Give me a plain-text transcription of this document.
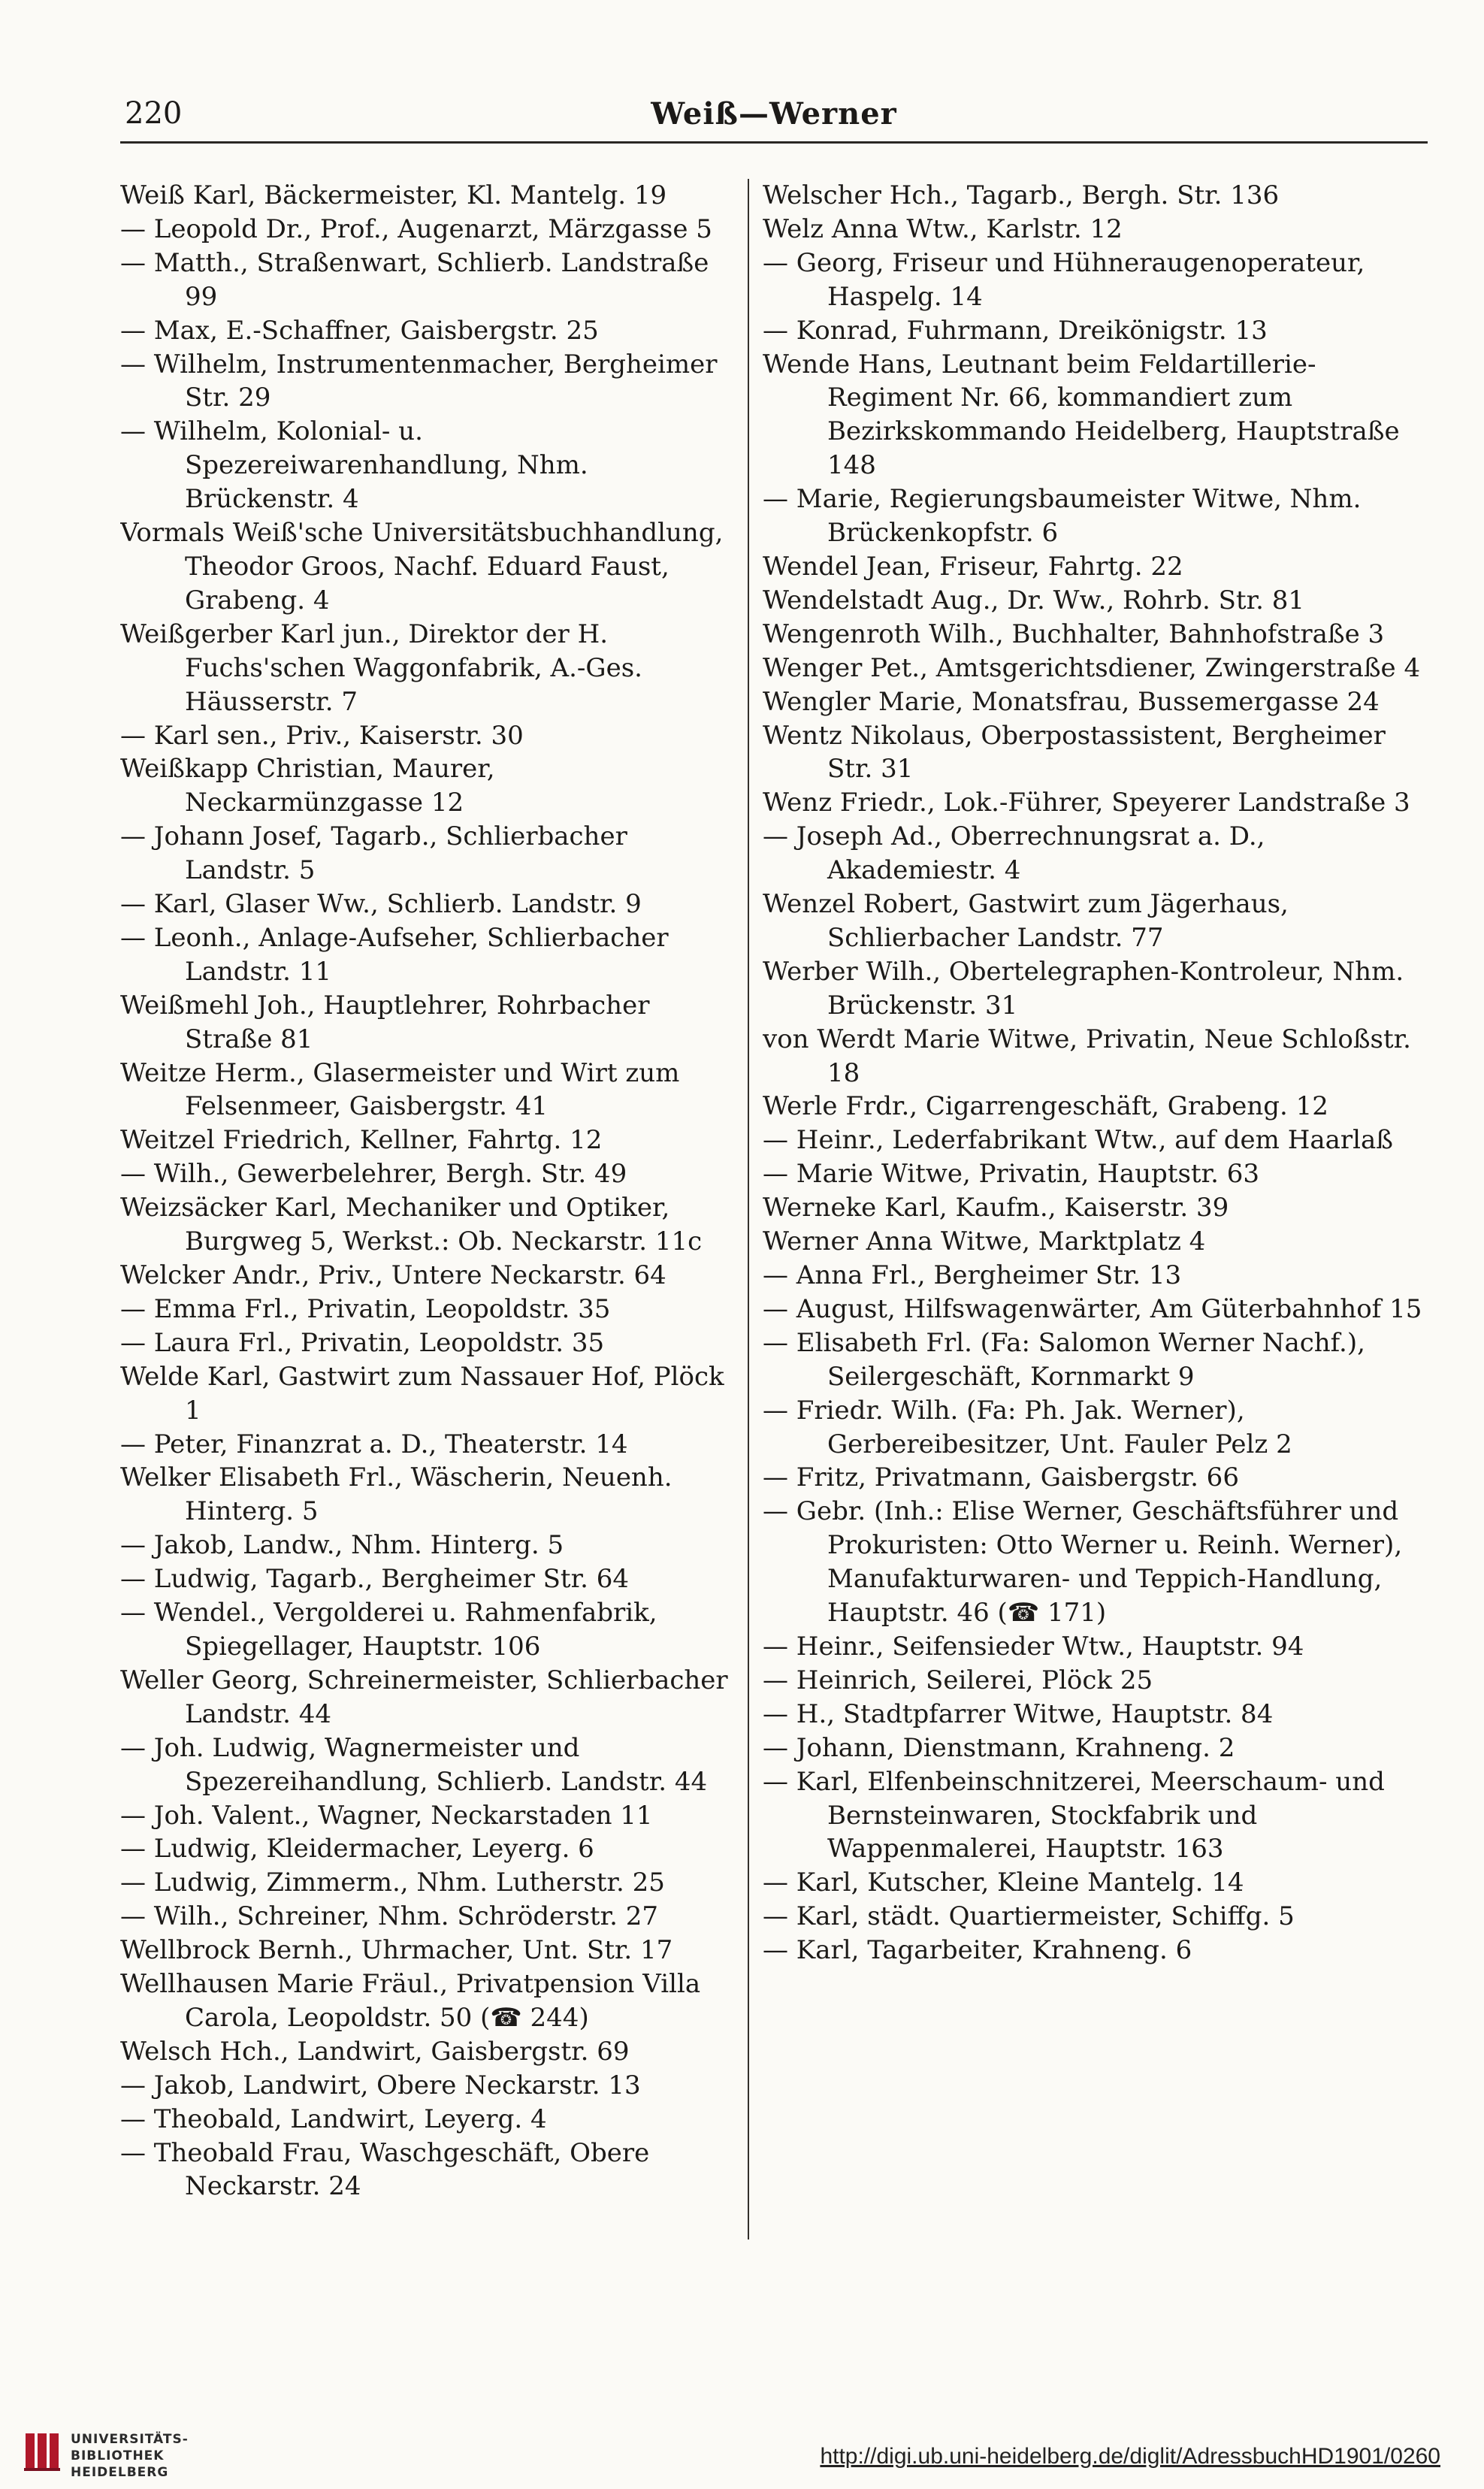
220	Weiß—Werner
Weiß Karl, Bäckermeister, Kl. Mantelg. 19
— Leopold Dr., Prof., Augenarzt, Märzgasse 5
— Matth., Straßenwart, Schlierb. Landstraße 99
— Max, E.-Schaffner, Gaisbergstr. 25
— Wilhelm, Instrumentenmacher, Bergheimer Str. 29
— Wilhelm, Kolonial- u. Spezereiwarenhandlung, Nhm. Brückenstr. 4
Vormals Weiß'sche Universitätsbuchhandlung, Theodor Groos, Nachf. Eduard Faust, Grabeng. 4
Weißgerber Karl jun., Direktor der H. Fuchs'schen Waggonfabrik, A.-Ges. Häusserstr. 7
— Karl sen., Priv., Kaiserstr. 30
Weißkapp Christian, Maurer, Neckarmünzgasse 12
— Johann Josef, Tagarb., Schlierbacher Landstr. 5
— Karl, Glaser Ww., Schlierb. Landstr. 9
— Leonh., Anlage-Aufseher, Schlierbacher Landstr. 11
Weißmehl Joh., Hauptlehrer, Rohrbacher Straße 81
Weitze Herm., Glasermeister und Wirt zum Felsenmeer, Gaisbergstr. 41
Weitzel Friedrich, Kellner, Fahrtg. 12
— Wilh., Gewerbelehrer, Bergh. Str. 49
Weizsäcker Karl, Mechaniker und Optiker, Burgweg 5, Werkst.: Ob. Neckarstr. 11c
Welcker Andr., Priv., Untere Neckarstr. 64
— Emma Frl., Privatin, Leopoldstr. 35
— Laura Frl., Privatin, Leopoldstr. 35
Welde Karl, Gastwirt zum Nassauer Hof, Plöck 1
— Peter, Finanzrat a. D., Theaterstr. 14
Welker Elisabeth Frl., Wäscherin, Neuenh. Hinterg. 5
— Jakob, Landw., Nhm. Hinterg. 5
— Ludwig, Tagarb., Bergheimer Str. 64
— Wendel., Vergolderei u. Rahmenfabrik, Spiegellager, Hauptstr. 106
Weller Georg, Schreinermeister, Schlierbacher Landstr. 44
— Joh. Ludwig, Wagnermeister und Spezereihandlung, Schlierb. Landstr. 44
— Joh. Valent., Wagner, Neckarstaden 11
— Ludwig, Kleidermacher, Leyerg. 6
— Ludwig, Zimmerm., Nhm. Lutherstr. 25
— Wilh., Schreiner, Nhm. Schröderstr. 27
Wellbrock Bernh., Uhrmacher, Unt. Str. 17
Wellhausen Marie Fräul., Privatpension Villa Carola, Leopoldstr. 50 (☎ 244)
Welsch Hch., Landwirt, Gaisbergstr. 69
— Jakob, Landwirt, Obere Neckarstr. 13
— Theobald, Landwirt, Leyerg. 4
— Theobald Frau, Waschgeschäft, Obere Neckarstr. 24
Welscher Hch., Tagarb., Bergh. Str. 136
Welz Anna Wtw., Karlstr. 12
— Georg, Friseur und Hühneraugenoperateur, Haspelg. 14
— Konrad, Fuhrmann, Dreikönigstr. 13
Wende Hans, Leutnant beim Feldartillerie-Regiment Nr. 66, kommandiert zum Bezirkskommando Heidelberg, Hauptstraße 148
— Marie, Regierungsbaumeister Witwe, Nhm. Brückenkopfstr. 6
Wendel Jean, Friseur, Fahrtg. 22
Wendelstadt Aug., Dr. Ww., Rohrb. Str. 81
Wengenroth Wilh., Buchhalter, Bahnhofstraße 3
Wenger Pet., Amtsgerichtsdiener, Zwingerstraße 4
Wengler Marie, Monatsfrau, Bussemergasse 24
Wentz Nikolaus, Oberpostassistent, Bergheimer Str. 31
Wenz Friedr., Lok.-Führer, Speyerer Landstraße 3
— Joseph Ad., Oberrechnungsrat a. D., Akademiestr. 4
Wenzel Robert, Gastwirt zum Jägerhaus, Schlierbacher Landstr. 77
Werber Wilh., Obertelegraphen-Kontroleur, Nhm. Brückenstr. 31
von Werdt Marie Witwe, Privatin, Neue Schloßstr. 18
Werle Frdr., Cigarrengeschäft, Grabeng. 12
— Heinr., Lederfabrikant Wtw., auf dem Haarlaß
— Marie Witwe, Privatin, Hauptstr. 63
Werneke Karl, Kaufm., Kaiserstr. 39
Werner Anna Witwe, Marktplatz 4
— Anna Frl., Bergheimer Str. 13
— August, Hilfswagenwärter, Am Güterbahnhof 15
— Elisabeth Frl. (Fa: Salomon Werner Nachf.), Seilergeschäft, Kornmarkt 9
— Friedr. Wilh. (Fa: Ph. Jak. Werner), Gerbereibesitzer, Unt. Fauler Pelz 2
— Fritz, Privatmann, Gaisbergstr. 66
— Gebr. (Inh.: Elise Werner, Geschäftsführer und Prokuristen: Otto Werner u. Reinh. Werner), Manufakturwaren- und Teppich-Handlung, Hauptstr. 46 (☎ 171)
— Heinr., Seifensieder Wtw., Hauptstr. 94
— Heinrich, Seilerei, Plöck 25
— H., Stadtpfarrer Witwe, Hauptstr. 84
— Johann, Dienstmann, Krahneng. 2
— Karl, Elfenbeinschnitzerei, Meerschaum- und Bernsteinwaren, Stockfabrik und Wappenmalerei, Hauptstr. 163
— Karl, Kutscher, Kleine Mantelg. 14
— Karl, städt. Quartiermeister, Schiffg. 5
— Karl, Tagarbeiter, Krahneng. 6
UNIVERSITÄTS-
BIBLIOTHEK
HEIDELBERG
http://digi.ub.uni-heidelberg.de/diglit/AdressbuchHD1901/0260
